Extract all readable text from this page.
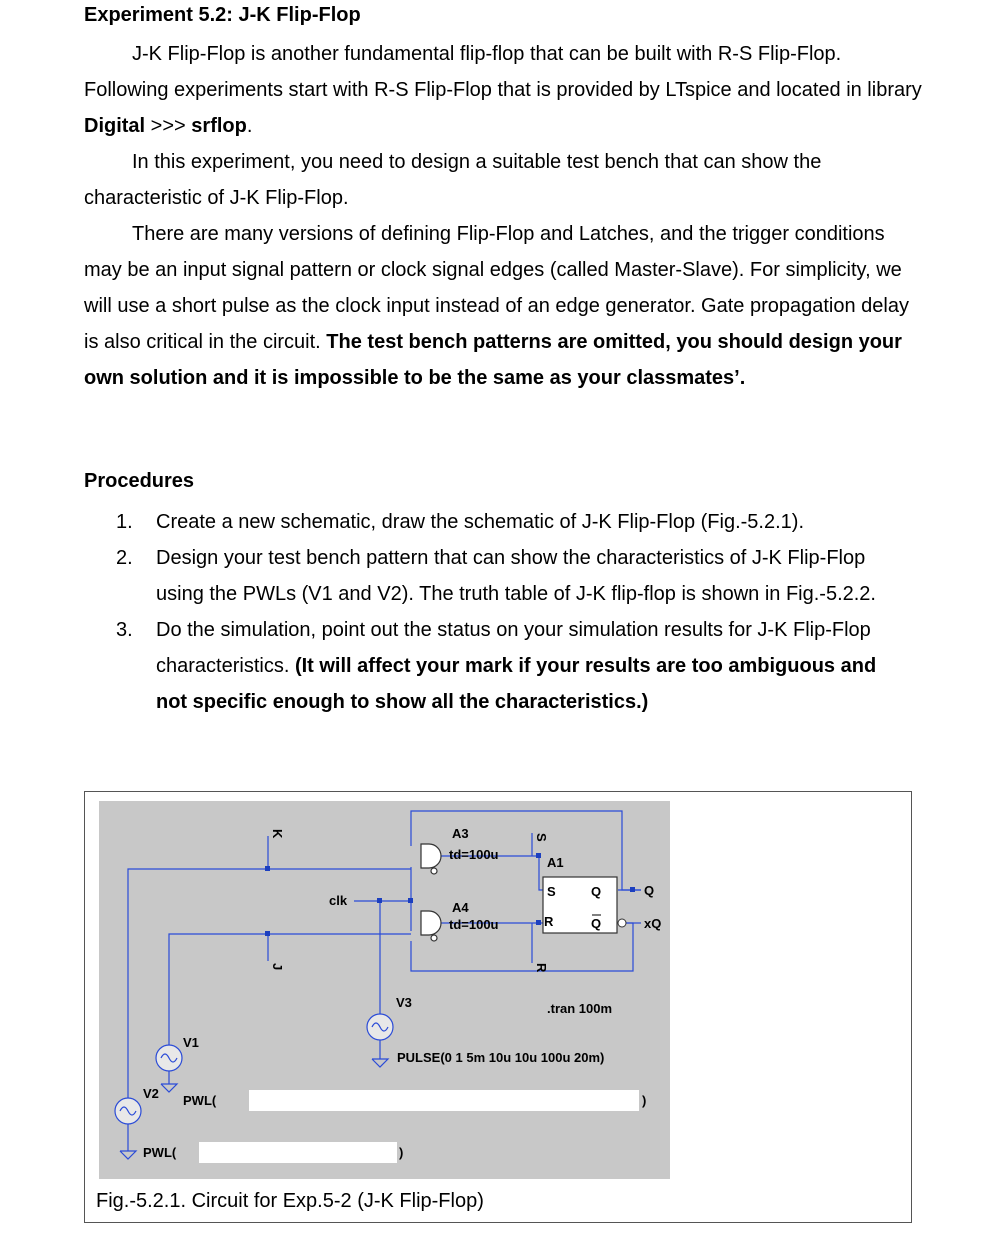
Experiment 5.2: J-K Flip-Flop
J-K Flip-Flop is another fundamental flip-flop that can be built with R-S Flip-Flop. Following experiments start with R-S Flip-Flop that is provided by LTspice and located in library Digital >>> srflop.
In this experiment, you need to design a suitable test bench that can show the characteristic of J-K Flip-Flop.
There are many versions of defining Flip-Flop and Latches, and the trigger conditions may be an input signal pattern or clock signal edges (called Master-Slave). For simplicity, we will use a short pulse as the clock input instead of an edge generator. Gate propagation delay is also critical in the circuit. The test bench patterns are omitted, you should design your own solution and it is impossible to be the same as your classmates’.
Procedures
1.	Create a new schematic, draw the schematic of J-K Flip-Flop (Fig.-5.2.1).
2.	Design your test bench pattern that can show the characteristics of J-K Flip-Flop using the PWLs (V1 and V2). The truth table of J-K flip-flop is shown in Fig.-5.2.2.
3.	Do the simulation, point out the status on your simulation results for J-K Flip-Flop characteristics. (It will affect your mark if your results are too ambiguous and not specific enough to show all the characteristics.)
A3
td=100u
A4
td=100u
A1
S
R
Q
Q
clk
Q
xQ
V1
V2
V3	.tran 100m
PULSE(0 1 5m 10u 10u 100u 20m)
PWL(
PWL(
)
)
K
J
S
R
Fig.-5.2.1. Circuit for Exp.5-2 (J-K Flip-Flop)
